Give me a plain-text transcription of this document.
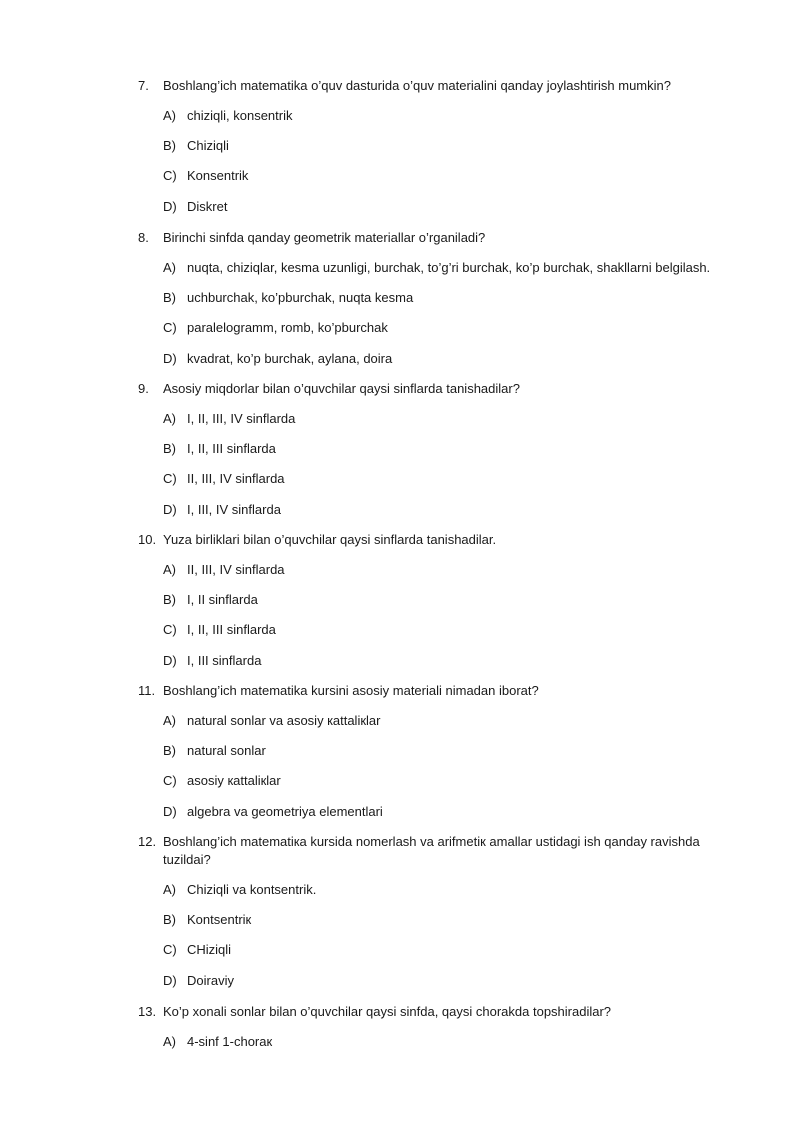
7.	Boshlang’ich matematika o’quv dasturida o’quv materialini qanday joylashtirish mumkin?
A) chiziqli, konsentrik
B) Chiziqli
C) Konsentrik
D) Diskret
8.	Birinchi sinfda qanday geometrik materiallar o’rganiladi?
A) nuqta, chiziqlar, kesma uzunligi, burchak, to’g’ri burchak, ko’p burchak, shakllarni belgilash.
B) uchburchak, ko’pburchak, nuqta kesma
C) paralelogramm, romb, ko’pburchak
D) kvadrat, ko’p burchak, aylana, doira
9.	Asosiy miqdorlar bilan o’quvchilar qaysi sinflarda tanishadilar?
A) I, II, III, IV sinflarda
B) I, II, III sinflarda
C) II, III, IV sinflarda
D) I, III, IV sinflarda
10. Yuza birliklari bilan o’quvchilar qaysi sinflarda tanishadilar.
A) II, III, IV sinflarda
B) I, II sinflarda
C) I, II, III sinflarda
D) I, III sinflarda
11. Boshlang’ich matematika kursini asosiy materiali nimadan iborat?
A) natural sonlar va asosiy кattaliкlar
B) natural sonlar
C) asosiy кattaliкlar
D) algebra va geometriya elementlari
12. Boshlang’ich matematiкa kursida nomerlash va arifmetiк amallar ustidagi ish qanday ravishda tuzildai?
A) Chiziqli va kontsentrik.
B) Kontsentriк
C) CHiziqli
D) Doiraviy
13. Ko’p xonali sonlar bilan o’quvchilar qaysi sinfda, qaysi chorakda topshiradilar?
A) 4-sinf 1-choraк
